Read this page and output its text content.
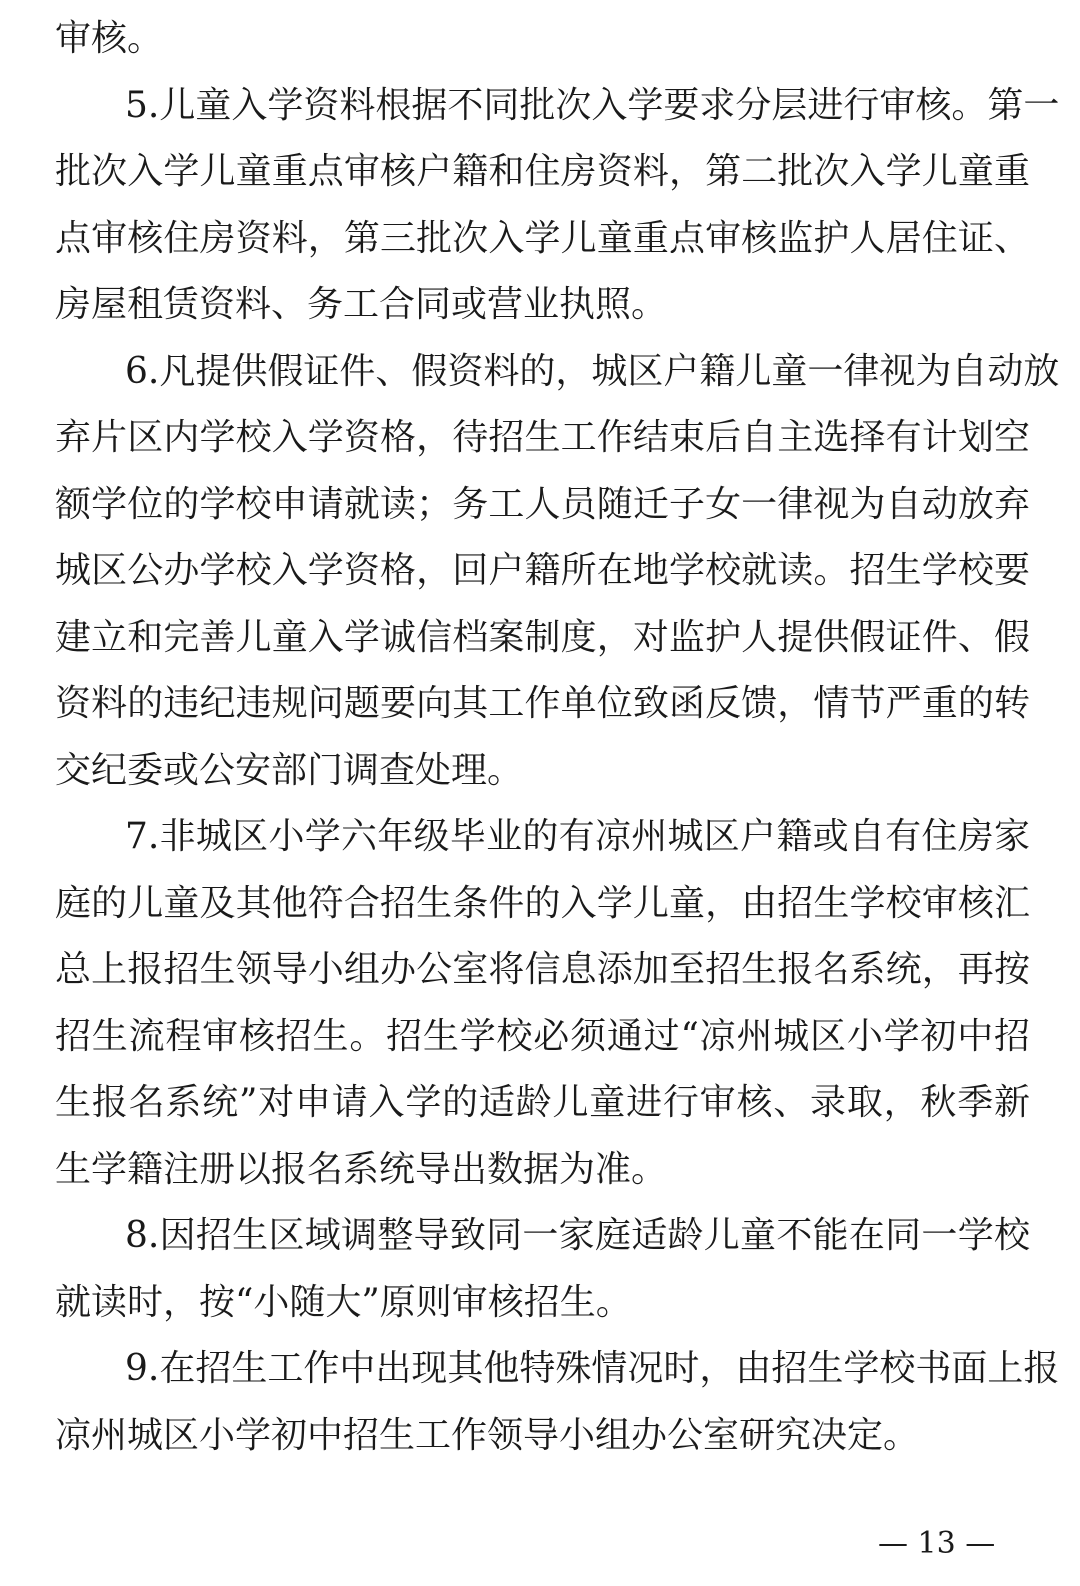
审核。
5.儿童入学资料根据不同批次入学要求分层进行审核。第一
批次入学儿童重点审核户籍和住房资料，第二批次入学儿童重
点审核住房资料，第三批次入学儿童重点审核监护人居住证、
房屋租赁资料、务工合同或营业执照。
6.凡提供假证件、假资料的，城区户籍儿童一律视为自动放
弃片区内学校入学资格，待招生工作结束后自主选择有计划空
额学位的学校申请就读；务工人员随迁子女一律视为自动放弃
城区公办学校入学资格，回户籍所在地学校就读。招生学校要
建立和完善儿童入学诚信档案制度，对监护人提供假证件、假
资料的违纪违规问题要向其工作单位致函反馈，情节严重的转
交纪委或公安部门调查处理。
7.非城区小学六年级毕业的有凉州城区户籍或自有住房家
庭的儿童及其他符合招生条件的入学儿童，由招生学校审核汇
总上报招生领导小组办公室将信息添加至招生报名系统，再按
招生流程审核招生。招生学校必须通过“凉州城区小学初中招
生报名系统”对申请入学的适龄儿童进行审核、录取，秋季新
生学籍注册以报名系统导出数据为准。
8.因招生区域调整导致同一家庭适龄儿童不能在同一学校
就读时，按“小随大”原则审核招生。
9.在招生工作中出现其他特殊情况时，由招生学校书面上报
凉州城区小学初中招生工作领导小组办公室研究决定。
— 13 —
